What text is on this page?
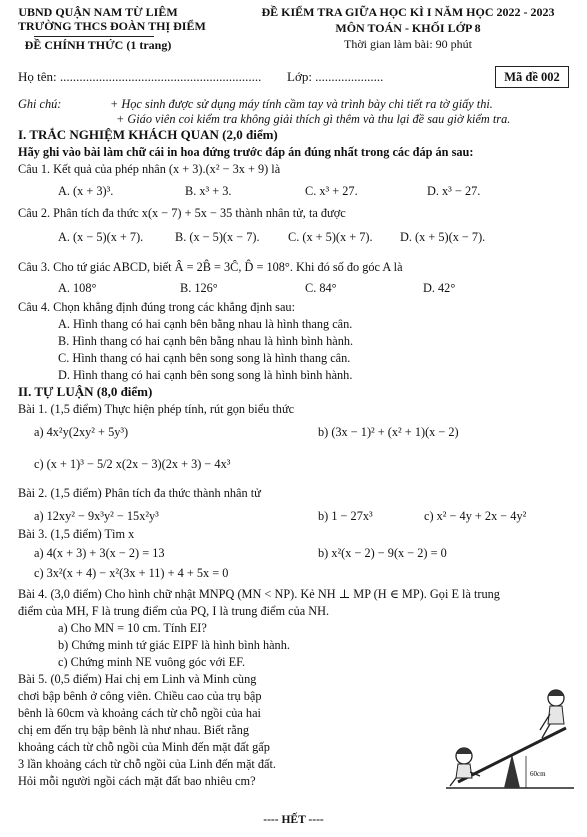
UBND QUẬN NAM TỪ LIÊM
TRƯỜNG THCS ĐOÀN THỊ ĐIỂM
ĐỀ CHÍNH THỨC (1 trang)
ĐỀ KIỂM TRA GIỮA HỌC KÌ I NĂM HỌC 2022 - 2023
MÔN TOÁN - KHỐI LỚP 8
Thời gian làm bài: 90 phút
Họ tên: .............................................................. Lớp: .....................	Mã đề 002
Ghi chú:	+ Học sinh được sử dụng máy tính cầm tay và trình bày chi tiết ra tờ giấy thi.
+ Giáo viên coi kiểm tra không giải thích gì thêm và thu lại đề sau giờ kiểm tra.
I. TRẮC NGHIỆM KHÁCH QUAN (2,0 điểm)
Hãy ghi vào bài làm chữ cái in hoa đứng trước đáp án đúng nhất trong các đáp án sau:
Câu 1. Kết quả của phép nhân (x + 3).(x² − 3x + 9) là
A. (x + 3)³.	B. x³ + 3.	C. x³ + 27.	D. x³ − 27.
Câu 2. Phân tích đa thức x(x − 7) + 5x − 35 thành nhân tử, ta được
A. (x − 5)(x + 7).	B. (x − 5)(x − 7). C. (x + 5)(x + 7). D. (x + 5)(x − 7).
Câu 3. Cho tứ giác ABCD, biết Â = 2B̂ = 3Ĉ, D̂ = 108°. Khi đó số đo góc A là
A. 108°	B. 126°	C. 84°	D. 42°
Câu 4. Chọn khẳng định đúng trong các khẳng định sau:
A. Hình thang có hai cạnh bên bằng nhau là hình thang cân.
B. Hình thang có hai cạnh bên bằng nhau là hình bình hành.
C. Hình thang có hai cạnh bên song song là hình thang cân.
D. Hình thang có hai cạnh bên song song là hình bình hành.
II. TỰ LUẬN (8,0 điểm)
Bài 1. (1,5 điểm) Thực hiện phép tính, rút gọn biểu thức
a) 4x²y(2xy² + 5y³)	b) (3x − 1)² + (x² + 1)(x − 2)
c) (x + 1)³ − 5/2 x(2x − 3)(2x + 3) − 4x³
Bài 2. (1,5 điểm) Phân tích đa thức thành nhân tử
a) 12xy² − 9x³y² − 15x²y³	b) 1 − 27x³	c) x² − 4y + 2x − 4y²
Bài 3. (1,5 điểm) Tìm x
a) 4(x + 3) + 3(x − 2) = 13	b) x²(x − 2) − 9(x − 2) = 0
c) 3x²(x + 4) − x²(3x + 11) + 4 + 5x = 0
Bài 4. (3,0 điểm) Cho hình chữ nhật MNPQ (MN < NP). Kẻ NH ⊥ MP (H ∈ MP). Gọi E là trung
điểm của MH, F là trung điểm của PQ, I là trung điểm của NH.
a) Cho MN = 10 cm. Tính EI?
b) Chứng minh tứ giác EIPF là hình bình hành.
c) Chứng minh NE vuông góc với EF.
Bài 5. (0,5 điểm) Hai chị em Linh và Minh cùng
chơi bập bênh ở công viên. Chiều cao của trụ bập
bênh là 60cm và khoảng cách từ chỗ ngồi của hai
chị em đến trụ bập bênh là như nhau. Biết rằng
khoảng cách từ chỗ ngồi của Minh đến mặt đất gấp
3 lần khoảng cách từ chỗ ngồi của Linh đến mặt đất.
Hỏi mỗi người ngồi cách mặt đất bao nhiêu cm?	60cm
---- HẾT ----
